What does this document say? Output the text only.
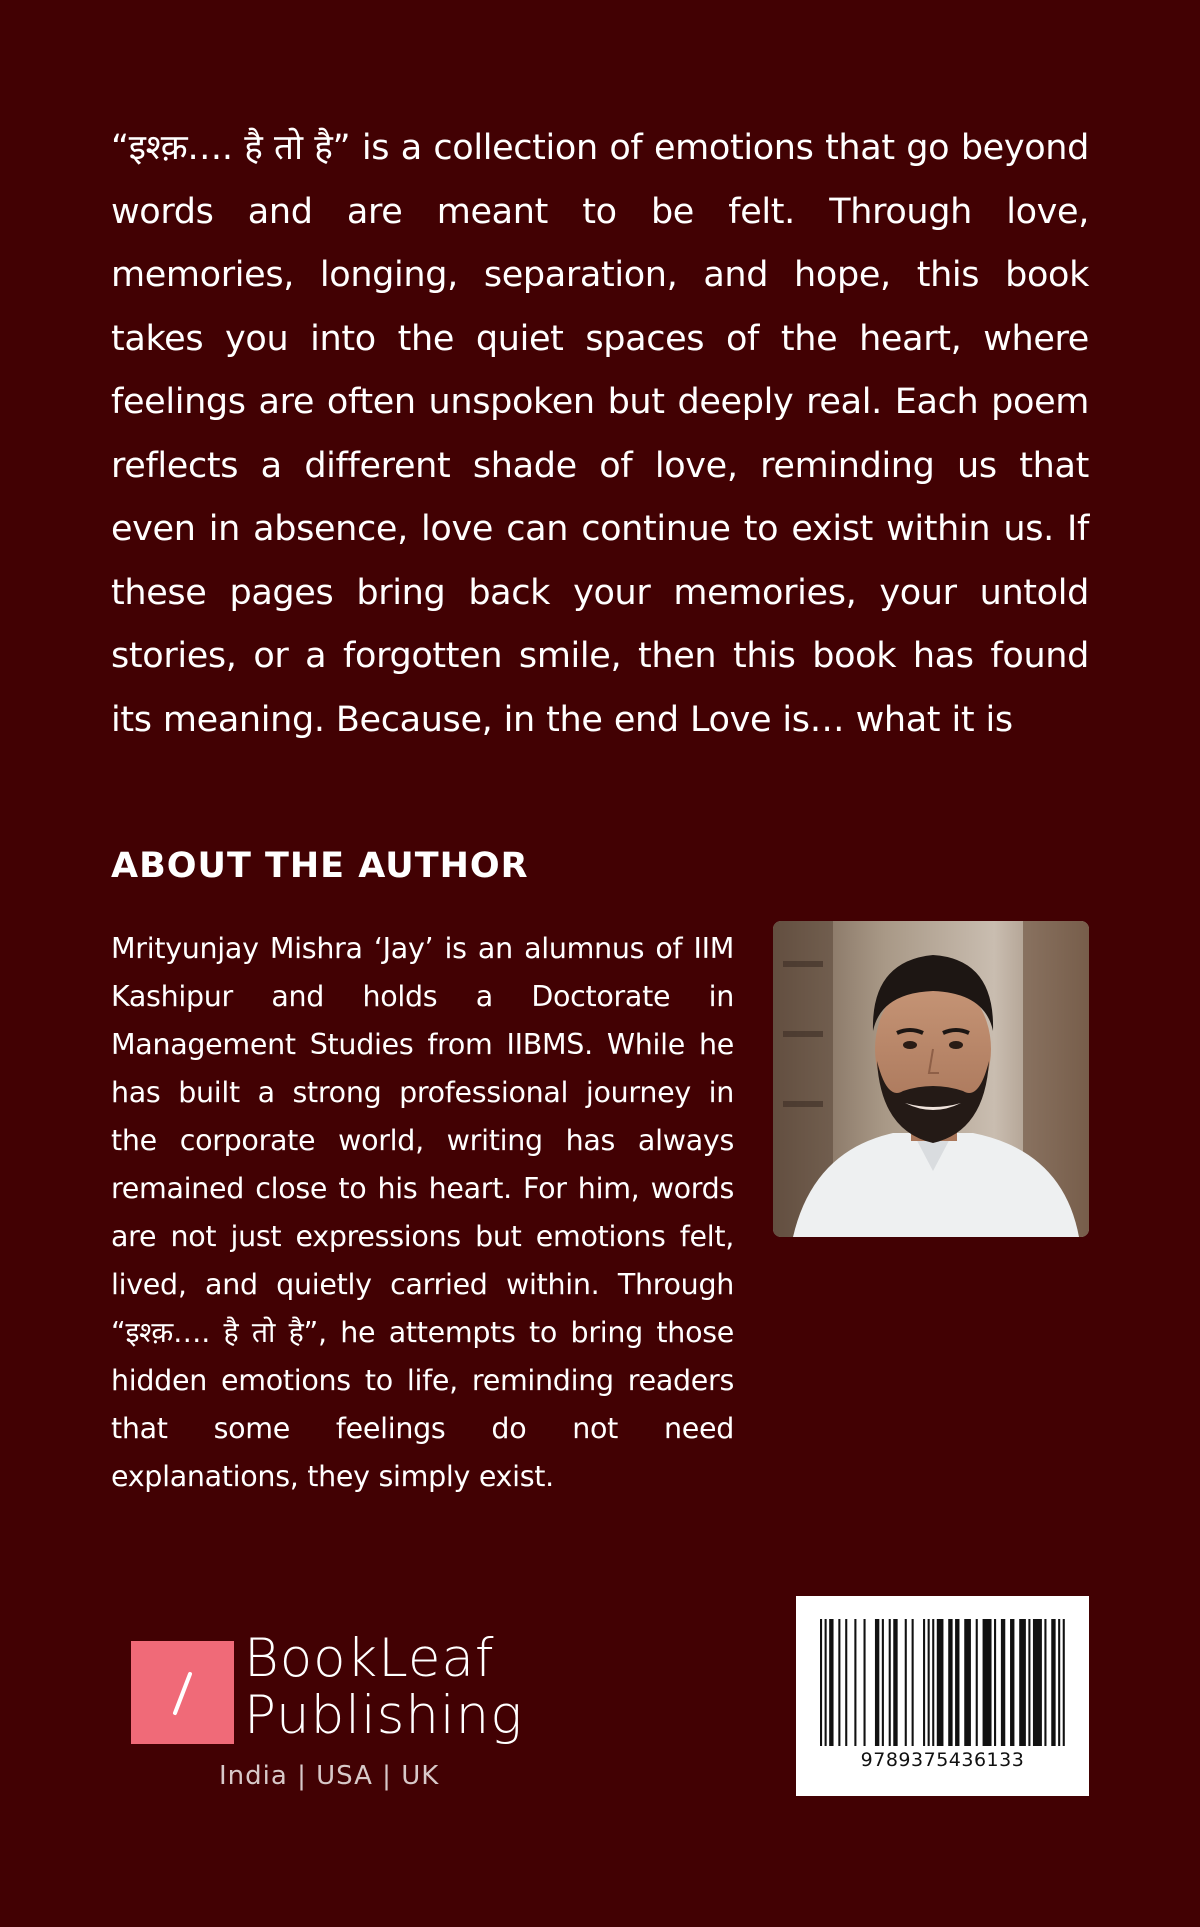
“इश्क़…. है तो है” is a collection of emotions that go beyond words and are meant to be felt. Through love, memories, longing, separation, and hope, this book takes you into the quiet spaces of the heart, where feelings are often unspoken but deeply real. Each poem reflects a different shade of love, reminding us that even in absence, love can continue to exist within us. If these pages bring back your memories, your untold stories, or a forgotten smile, then this book has found its meaning. Because, in the end Love is… what it is

ABOUT THE AUTHOR

Mrityunjay Mishra ‘Jay’ is an alumnus of IIM Kashipur and holds a Doctorate in Management Studies from IIBMS. While he has built a strong professional journey in the corporate world, writing has always remained close to his heart. For him, words are not just expressions but emotions felt, lived, and quietly carried within. Through “इश्क़…. है तो है”, he attempts to bring those hidden emotions to life, reminding readers that some feelings do not need explanations, they simply exist.

BookLeaf
Publishing
India | USA | UK
9789375436133
